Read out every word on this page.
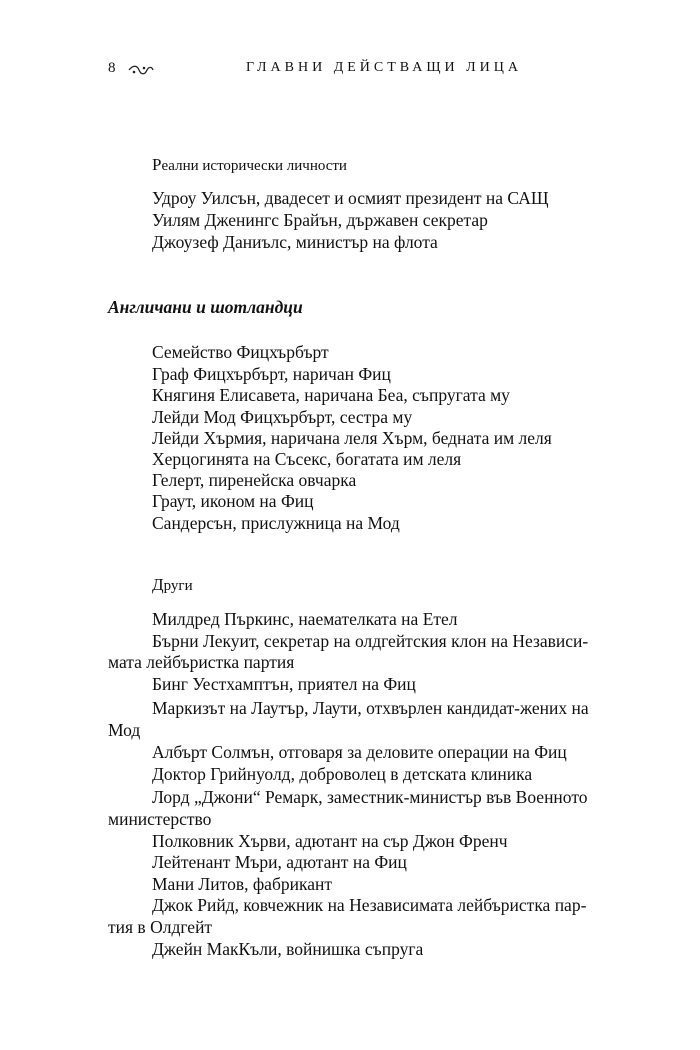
8	ГЛАВНИ ДЕЙСТВАЩИ ЛИЦА
Реални исторически личности
Удроу Уилсън, двадесет и осмият президент на САЩ
Уилям Дженингс Брайън, държавен секретар
Джоузеф Даниълс, министър на флота
Англичани и шотландци
Семейство Фицхърбърт
Граф Фицхърбърт, наричан Фиц
Княгиня Елисавета, наричана Беа, съпругата му
Лейди Мод Фицхърбърт, сестра му
Лейди Хърмия, наричана леля Хърм, бедната им леля
Херцогинята на Съсекс, богатата им леля
Гелерт, пиренейска овчарка
Граут, иконом на Фиц
Сандерсън, прислужница на Мод
Други
Милдред Пъркинс, наемателката на Етел
Бърни Лекуит, секретар на олдгейтския клон на Независи-
мата лейбъристка партия
Бинг Уестхамптън, приятел на Фиц
Маркизът на Лаутър, Лаути, отхвърлен кандидат-жених на
Мод
Албърт Солмън, отговаря за деловите операции на Фиц
Доктор Грийнуолд, доброволец в детската клиника
Лорд „Джони“ Ремарк, заместник-министър във Военното
министерство
Полковник Хърви, адютант на сър Джон Френч
Лейтенант Мъри, адютант на Фиц
Мани Литов, фабрикант
Джок Рийд, ковчежник на Независимата лейбъристка пар-
тия в Олдгейт
Джейн МакКъли, войнишка съпруга
